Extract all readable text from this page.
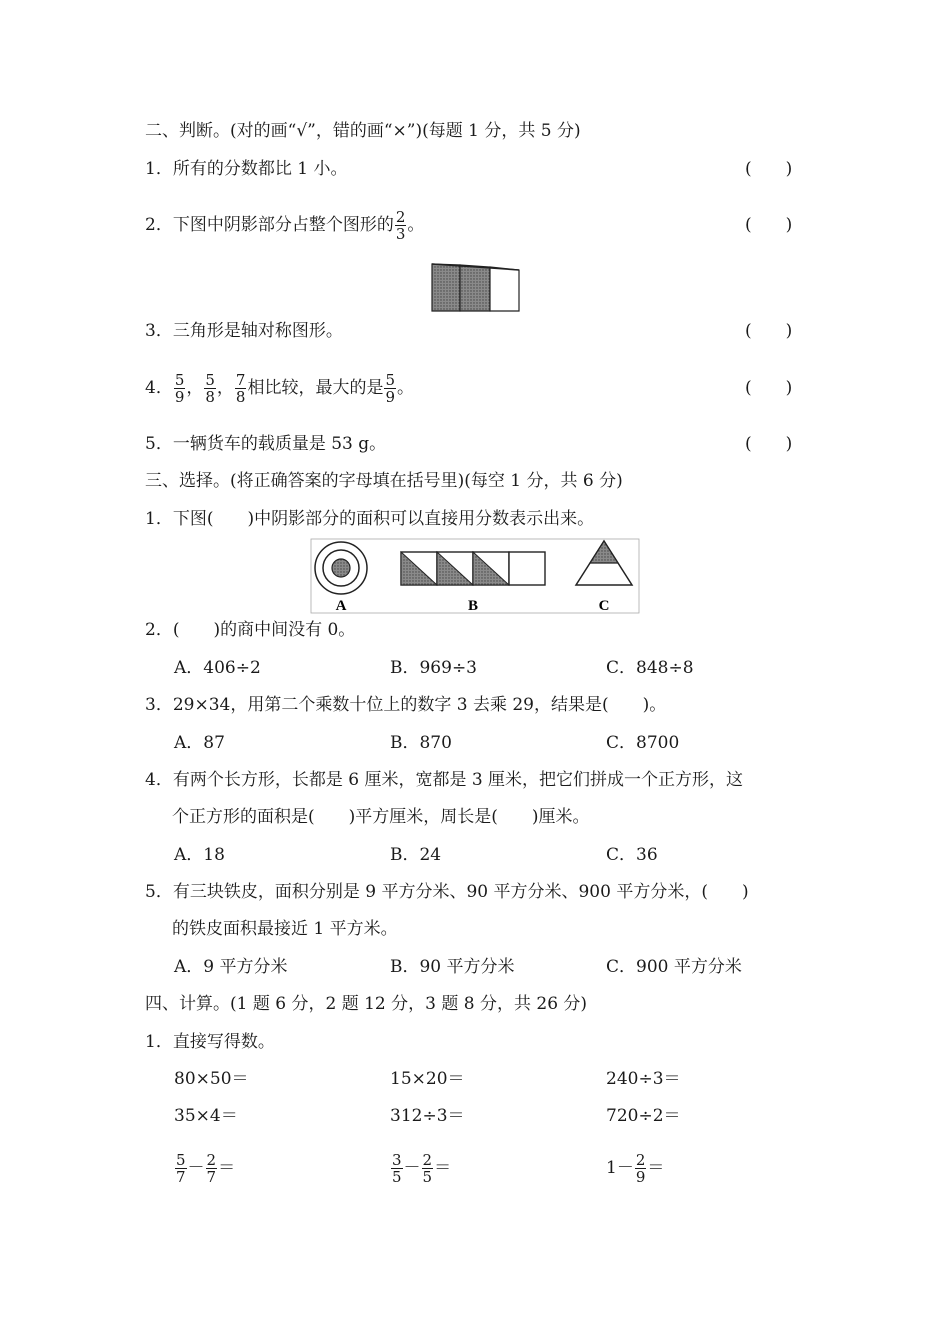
二、判断。(对的画“√”，错的画“×”)(每题 1 分，共 5 分)
1．所有的分数都比 1 小。	(　　)
2．下图中阴影部分占整个图形的 $\frac{2}{3}$ 。	(　　)
3．三角形是轴对称图形。	(　　)
4． $\frac{5}{9}$ ， $\frac{5}{8}$ ， $\frac{7}{8}$ 相比较，最大的是 $\frac{5}{9}$ 。	(　　)
5．一辆货车的载质量是 53 g。	(　　)
三、选择。(将正确答案的字母填在括号里)(每空 1 分，共 6 分)
1．下图(　　)中阴影部分的面积可以直接用分数表示出来。
A	B	C
2．(　　)的商中间没有 0。
A．406÷2	B．969÷3	C．848÷8
3．29×34，用第二个乘数十位上的数字 3 去乘 29，结果是(　　)。
A．87	B．870	C．8700
4．有两个长方形，长都是 6 厘米，宽都是 3 厘米，把它们拼成一个正方形，这
个正方形的面积是(　　)平方厘米，周长是(　　)厘米。
A．18	B．24	C．36
5．有三块铁皮，面积分别是 9 平方分米、90 平方分米、900 平方分米，(　　)
的铁皮面积最接近 1 平方米。
A．9 平方分米	B．90 平方分米	C．900 平方分米
四、计算。(1 题 6 分，2 题 12 分，3 题 8 分，共 26 分)
1．直接写得数。
80×50＝	15×20＝	240÷3＝
35×4＝	312÷3＝	720÷2＝
$\frac{5}{7} - \frac{2}{7}$ ＝	$\frac{3}{5} - \frac{2}{5}$ ＝	$1- \frac{2}{9}$ ＝
